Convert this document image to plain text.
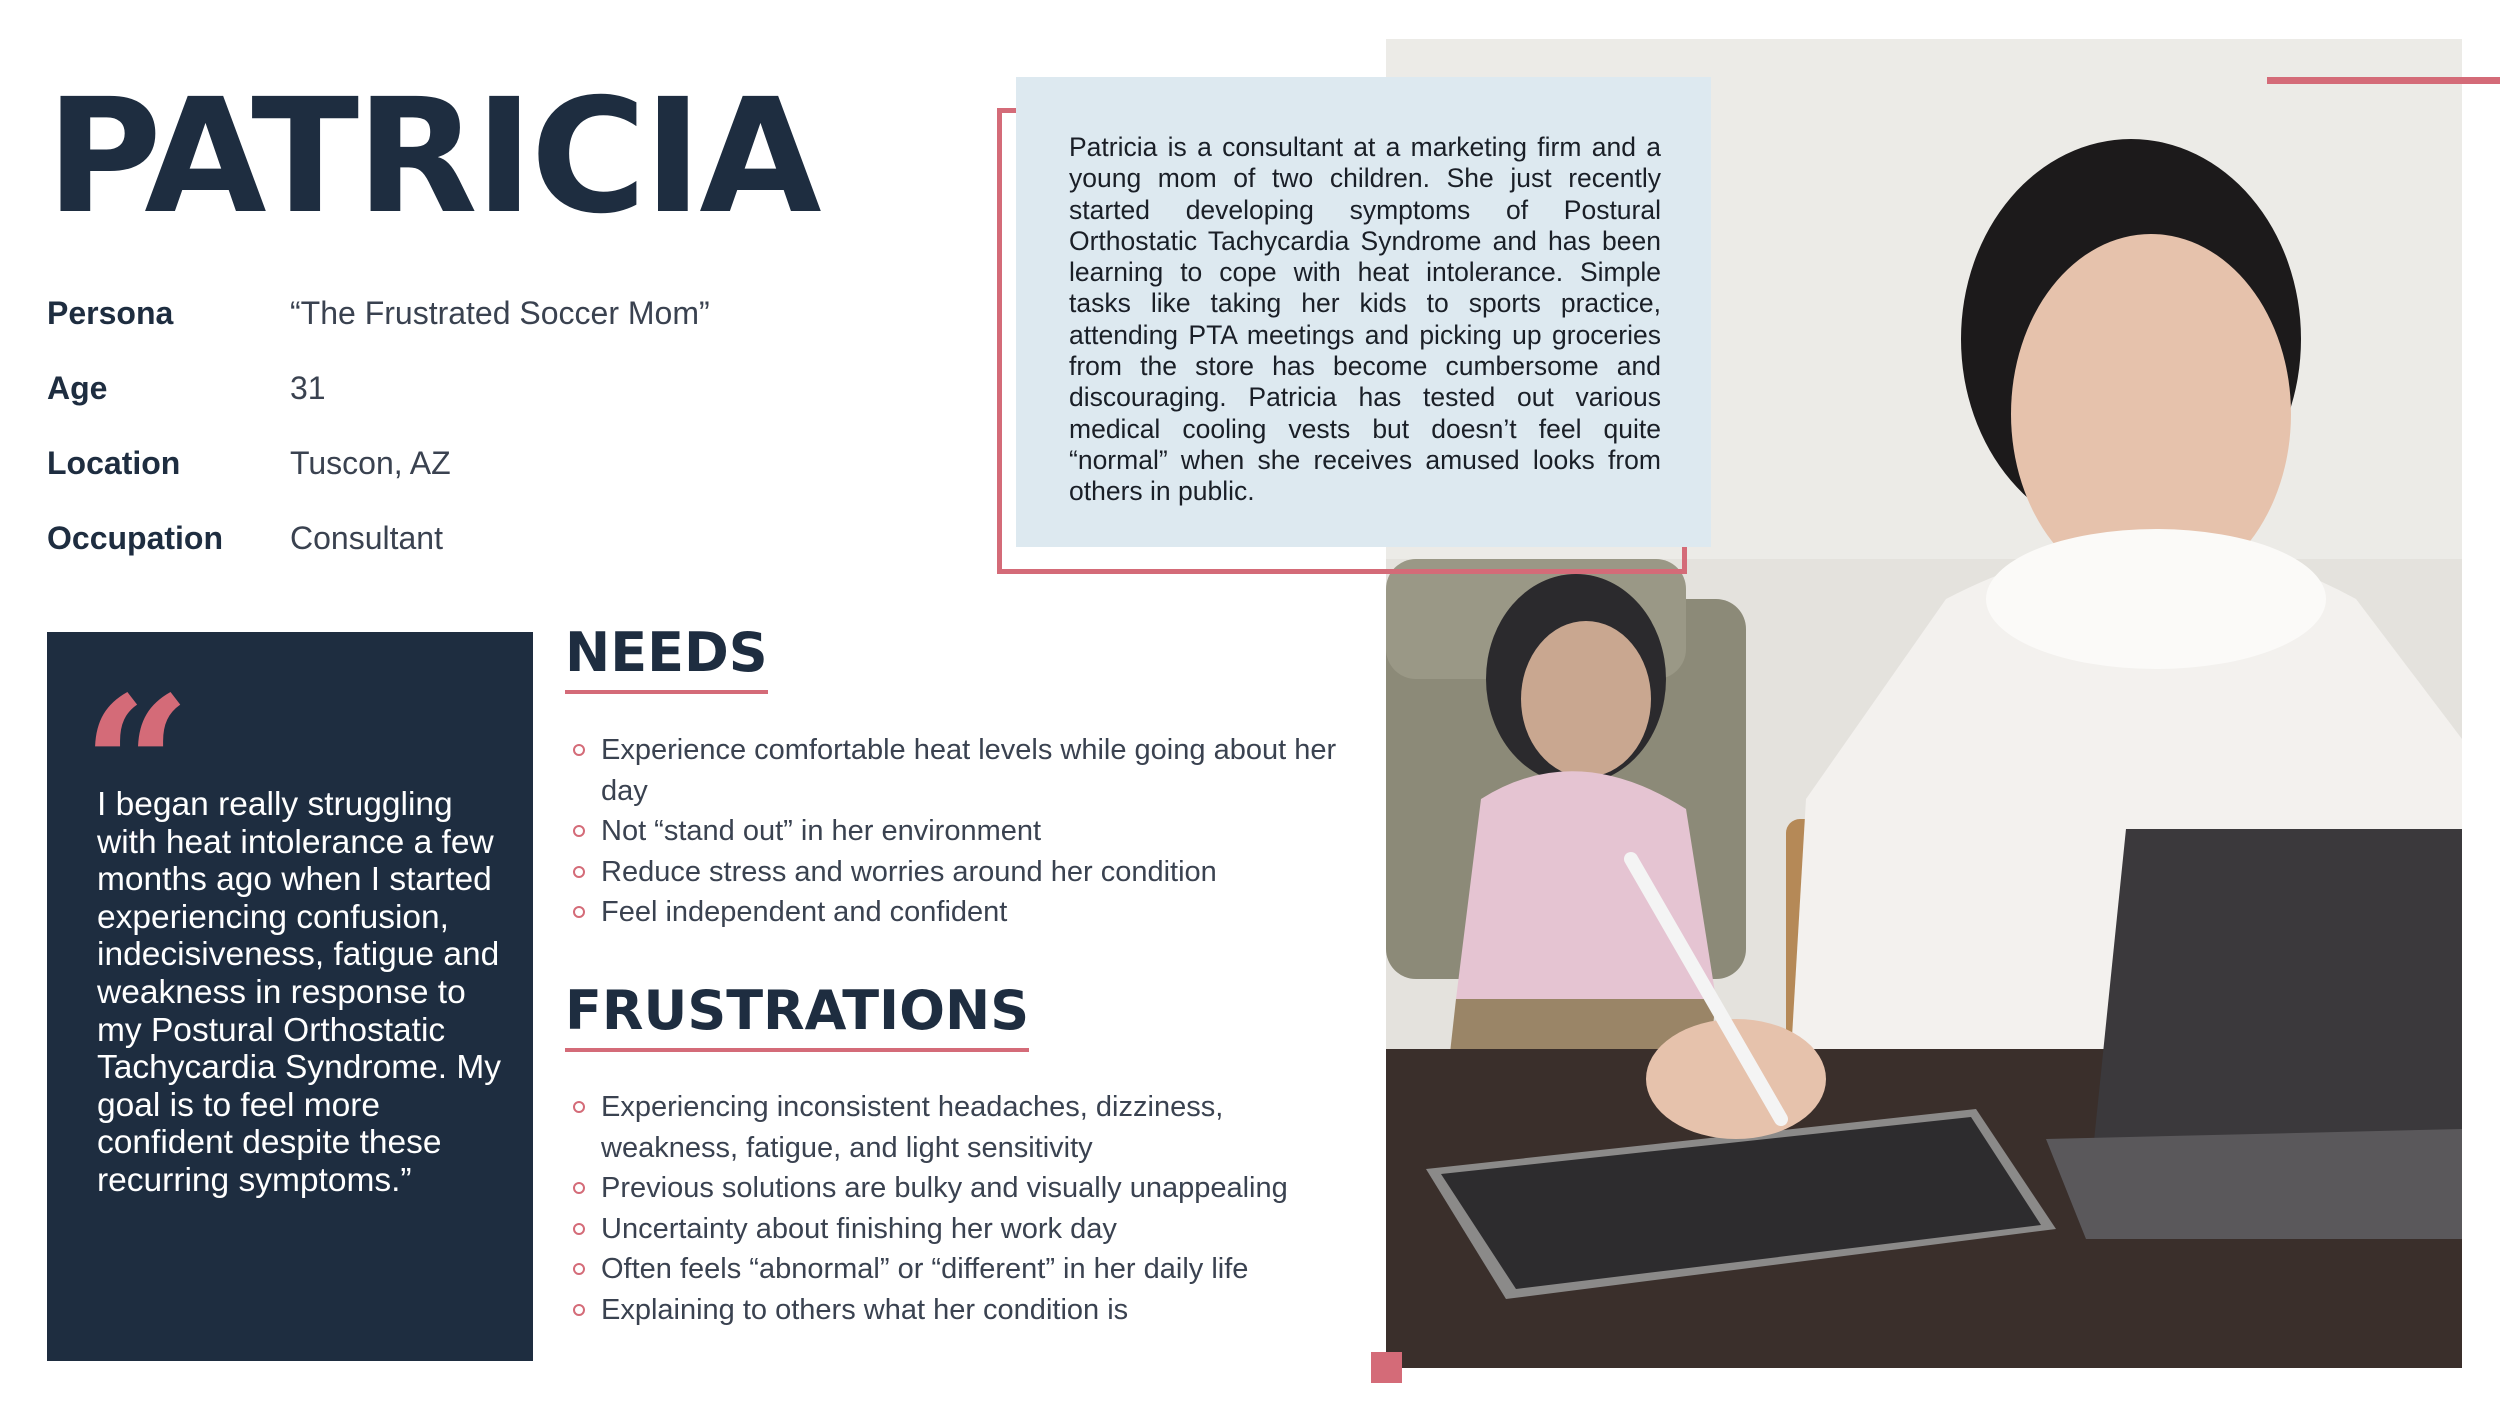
PATRICIA
Persona	“The Frustrated Soccer Mom”
Age	31
Location	Tuscon, AZ
Occupation	Consultant

Patricia is a consultant at a marketing firm and a young mom of two children. She just recently started developing symptoms of Postural Orthostatic Tachycardia Syndrome and has been learning to cope with heat intolerance. Simple tasks like taking her kids to sports practice, attending PTA meetings and picking up groceries from the store has become cumbersome and discouraging. Patricia has tested out various medical cooling vests but doesn’t feel quite “normal” when she receives amused looks from others in public.

“

I began really struggling with heat intolerance a few months ago when I started experiencing confusion, indecisiveness, fatigue and weakness in response to my Postural Orthostatic Tachycardia Syndrome. My goal is to feel more confident despite these recurring symptoms.”

NEEDS
Experience comfortable heat levels while going about her day
Not “stand out” in her environment
Reduce stress and worries around her condition
Feel independent and confident
FRUSTRATIONS
Experiencing inconsistent headaches, dizziness, weakness, fatigue, and light sensitivity
Previous solutions are bulky and visually unappealing
Uncertainty about finishing her work day
Often feels “abnormal” or “different” in her daily life
Explaining to others what her condition is
